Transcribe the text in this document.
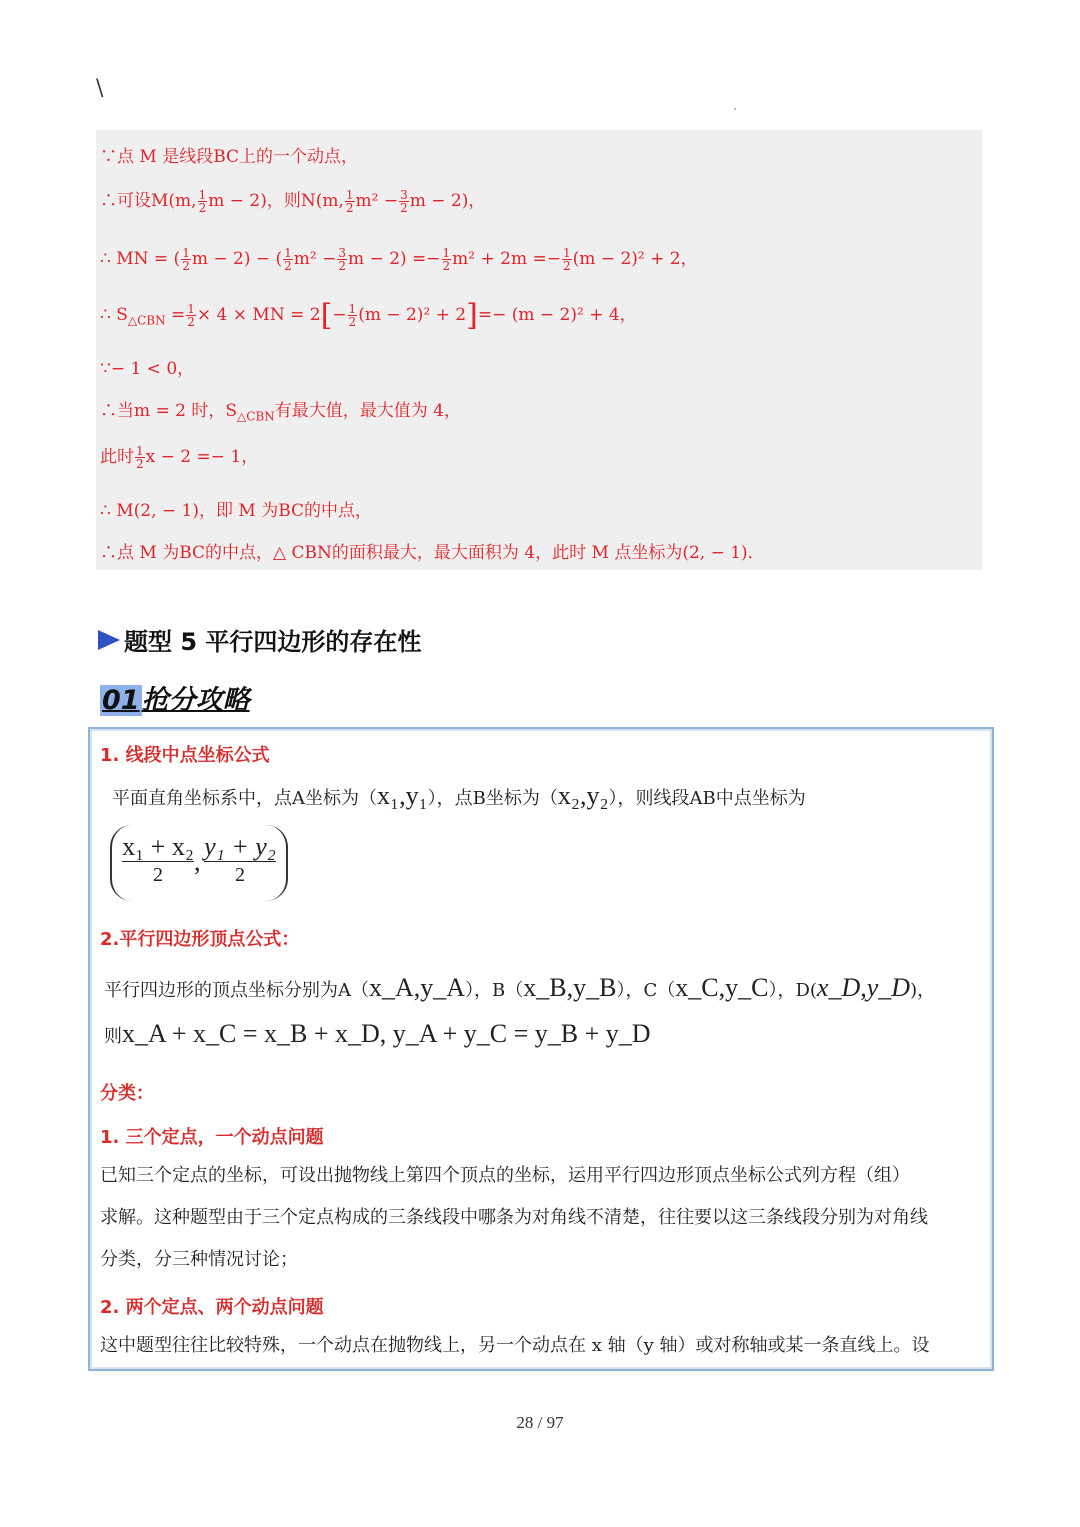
\
∵点 M 是线段BC上的一个动点，
∴可设M(m, $\frac{1}{2}$ m − 2)，则N(m, $\frac{1}{2} m^2 - \frac{3}{2}$ m − 2)，
∴ MN = ( $\frac{1}{2}$ m − 2) − ( $\frac{1}{2} m^2 - \frac{3}{2}$ $m - 2) =- \frac{1}{2} m^2 + 2m =- \frac{1}{2} (m - 2)^2 + 2$，
∴ $S_{\triangle CBN} = \frac{1}{2} \times 4$ × MN = $2[- \frac{1}{2} (m - 2)^2 + 2]=- (m - 2)^2 + 4$，
∵− 1 < 0，
∴当m = 2 时，$S_{\triangle CBN}$有最大值，最大值为 4，
此时 $\frac{1}{2}$ x − 2 =− 1，
∴ M(2, − 1)，即 M 为BC的中点，
∴点 M 为BC的中点，△ CBN的面积最大，最大面积为 4，此时 M 点坐标为(2, − 1)．
题型 5 平行四边形的存在性
01抢分攻略
1. 线段中点坐标公式
平面直角坐标系中，点A坐标为（x₁,y₁），点B坐标为（x₂,y₂），则线段AB中点坐标为
x₁ + x₂
2	,
y₁ + y₂
2
2.平行四边形顶点公式：
平行四边形的顶点坐标分别为A（x_A,y_A），B（x_B,y_B），C（x_C,y_C），D(x_D,y_D)，
则x_A + x_C = x_B + x_D, y_A + y_C = y_B + y_D
分类：
1. 三个定点，一个动点问题
已知三个定点的坐标，可设出抛物线上第四个顶点的坐标，运用平行四边形顶点坐标公式列方程（组）
求解。这种题型由于三个定点构成的三条线段中哪条为对角线不清楚，往往要以这三条线段分别为对角线
分类，分三种情况讨论；
2. 两个定点、两个动点问题
这中题型往往比较特殊，一个动点在抛物线上，另一个动点在 x 轴（y 轴）或对称轴或某一条直线上。设
28 / 97
